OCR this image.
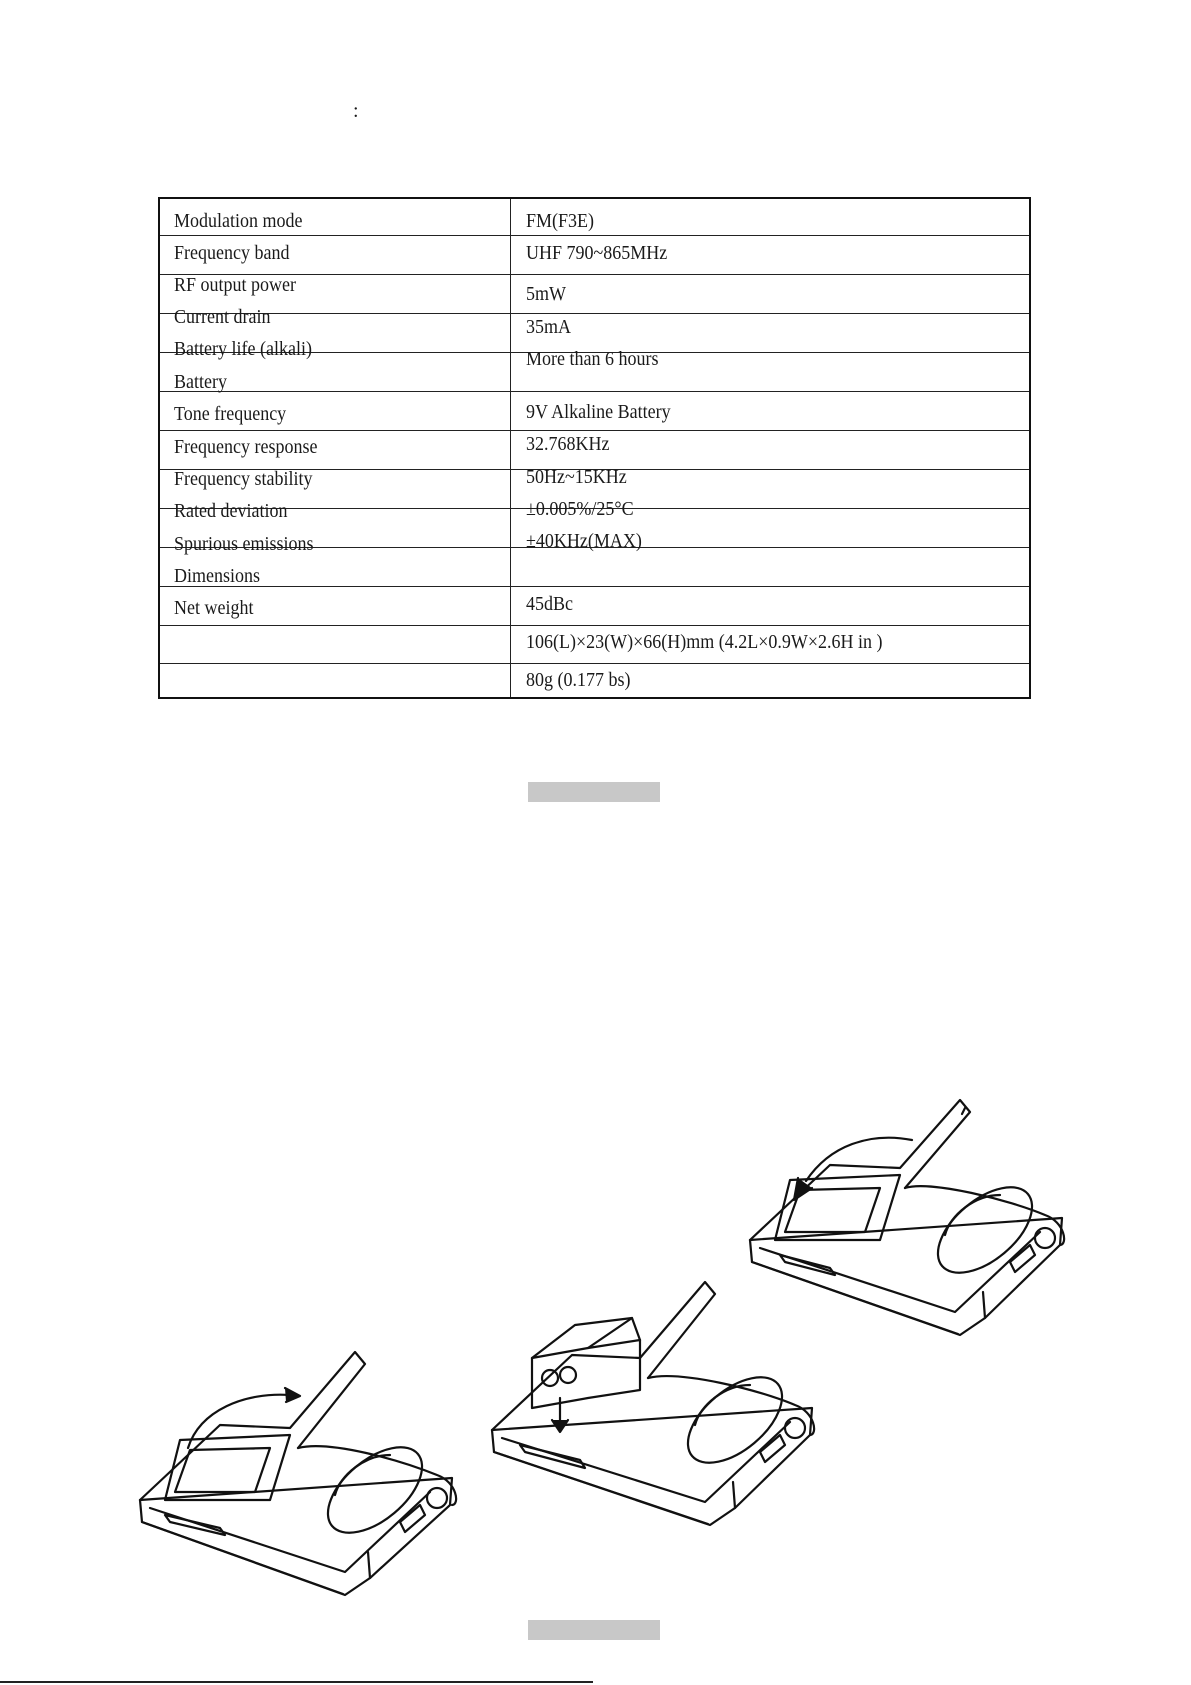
:
Modulation mode
Frequency band
RF output power
Current drain
Battery life (alkali)
Battery
Tone frequency
Frequency response
Frequency stability
Rated deviation
Spurious emissions
Dimensions
Net weight
FM(F3E)
UHF 790~865MHz
5mW
35mA
More than 6 hours
9V Alkaline Battery
32.768KHz
50Hz~15KHz
±0.005%/25°C
±40KHz(MAX)
45dBc
106(L)×23(W)×66(H)mm (4.2L×0.9W×2.6H in )
80g (0.177 bs)
